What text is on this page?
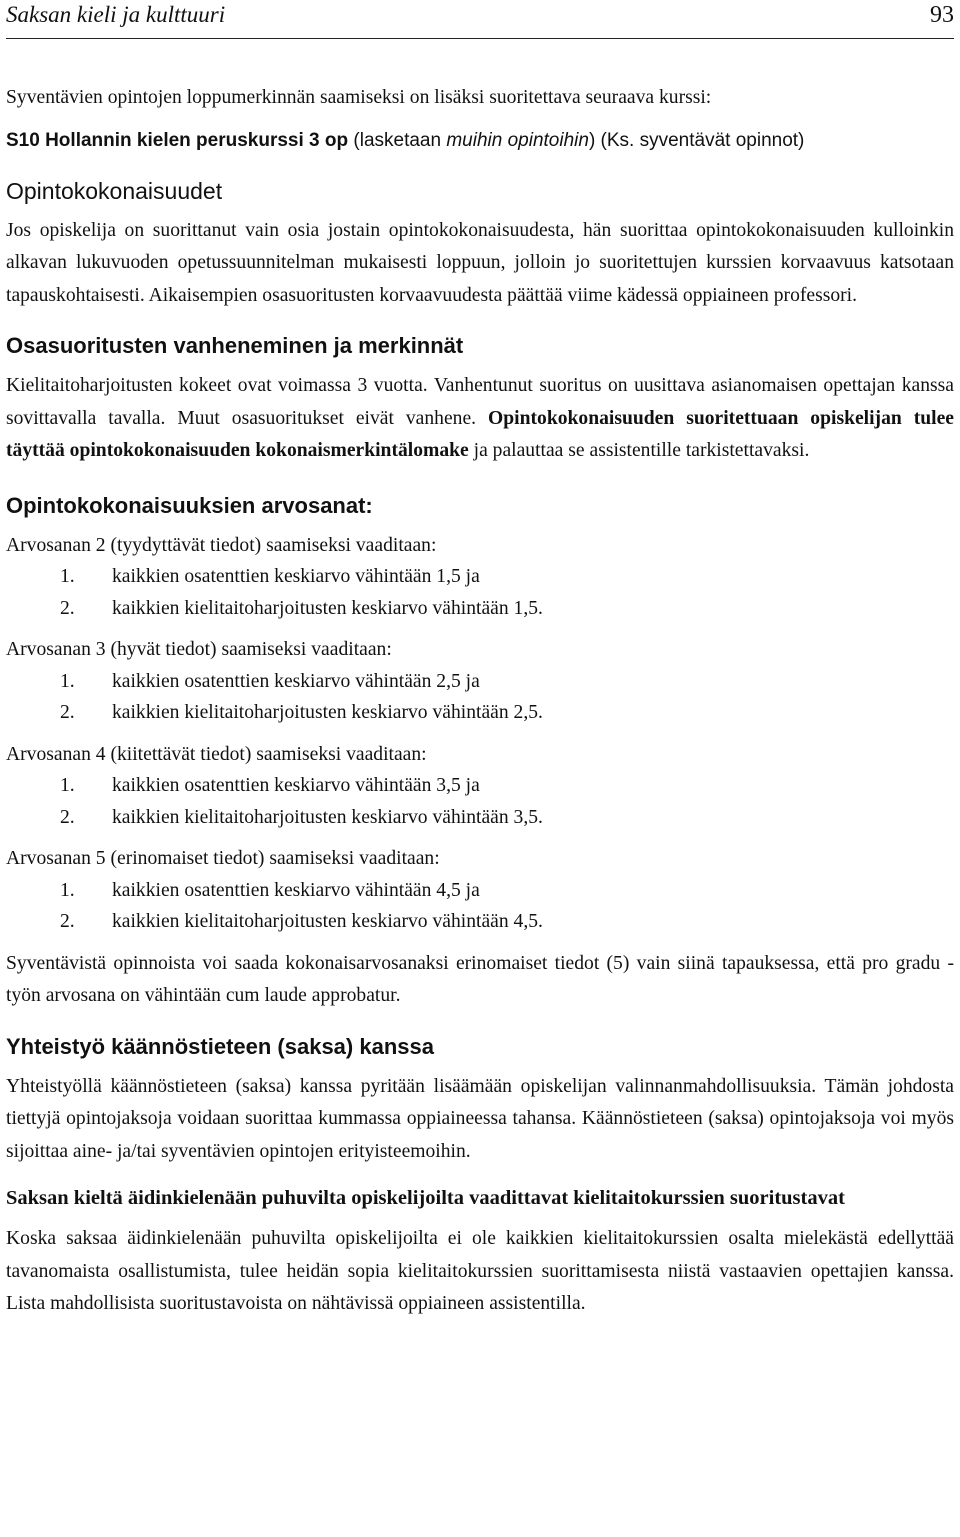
Saksan kieli ja kulttuuri	93

Syventävien opintojen loppumerkinnän saamiseksi on lisäksi suoritettava seuraava kurssi:

S10 Hollannin kielen peruskurssi 3 op (lasketaan muihin opintoihin) (Ks. syventävät opinnot)

Opintokokonaisuudet

Jos opiskelija on suorittanut vain osia jostain opintokokonaisuudesta, hän suorittaa opintokokonaisuuden kulloinkin alkavan lukuvuoden opetussuunnitelman mukaisesti loppuun, jolloin jo suoritettujen kurssien korvaavuus katsotaan tapauskohtaisesti. Aikaisempien osasuoritusten korvaavuudesta päättää viime kädessä oppiaineen professori.

Osasuoritusten vanheneminen ja merkinnät

Kielitaitoharjoitusten kokeet ovat voimassa 3 vuotta. Vanhentunut suoritus on uusittava asianomaisen opettajan kanssa sovittavalla tavalla. Muut osasuoritukset eivät vanhene. Opintokokonaisuuden suoritettuaan opiskelijan tulee täyttää opintokokonaisuuden kokonaismerkintälomake ja palauttaa se assistentille tarkistettavaksi.

Opintokokonaisuuksien arvosanat:
Arvosanan 2 (tyydyttävät tiedot) saamiseksi vaaditaan:
1. kaikkien osatenttien keskiarvo vähintään 1,5 ja
2. kaikkien kielitaitoharjoitusten keskiarvo vähintään 1,5.
Arvosanan 3 (hyvät tiedot) saamiseksi vaaditaan:
1. kaikkien osatenttien keskiarvo vähintään 2,5 ja
2. kaikkien kielitaitoharjoitusten keskiarvo vähintään 2,5.
Arvosanan 4 (kiitettävät tiedot) saamiseksi vaaditaan:
1. kaikkien osatenttien keskiarvo vähintään 3,5 ja
2. kaikkien kielitaitoharjoitusten keskiarvo vähintään 3,5.
Arvosanan 5 (erinomaiset tiedot) saamiseksi vaaditaan:
1. kaikkien osatenttien keskiarvo vähintään 4,5 ja
2. kaikkien kielitaitoharjoitusten keskiarvo vähintään 4,5.

Syventävistä opinnoista voi saada kokonaisarvosanaksi erinomaiset tiedot (5) vain siinä tapauksessa, että pro gradu -työn arvosana on vähintään cum laude approbatur.

Yhteistyö käännöstieteen (saksa) kanssa

Yhteistyöllä käännöstieteen (saksa) kanssa pyritään lisäämään opiskelijan valinnanmahdollisuuksia. Tämän johdosta tiettyjä opintojaksoja voidaan suorittaa kummassa oppiaineessa tahansa. Käännöstieteen (saksa) opintojaksoja voi myös sijoittaa aine- ja/tai syventävien opintojen erityisteemoihin.

Saksan kieltä äidinkielenään puhuvilta opiskelijoilta vaadittavat kielitaitokurssien suoritustavat

Koska saksaa äidinkielenään puhuvilta opiskelijoilta ei ole kaikkien kielitaitokurssien osalta mielekästä edellyttää tavanomaista osallistumista, tulee heidän sopia kielitaitokurssien suorittamisesta niistä vastaavien opettajien kanssa. Lista mahdollisista suoritustavoista on nähtävissä oppiaineen assistentilla.
